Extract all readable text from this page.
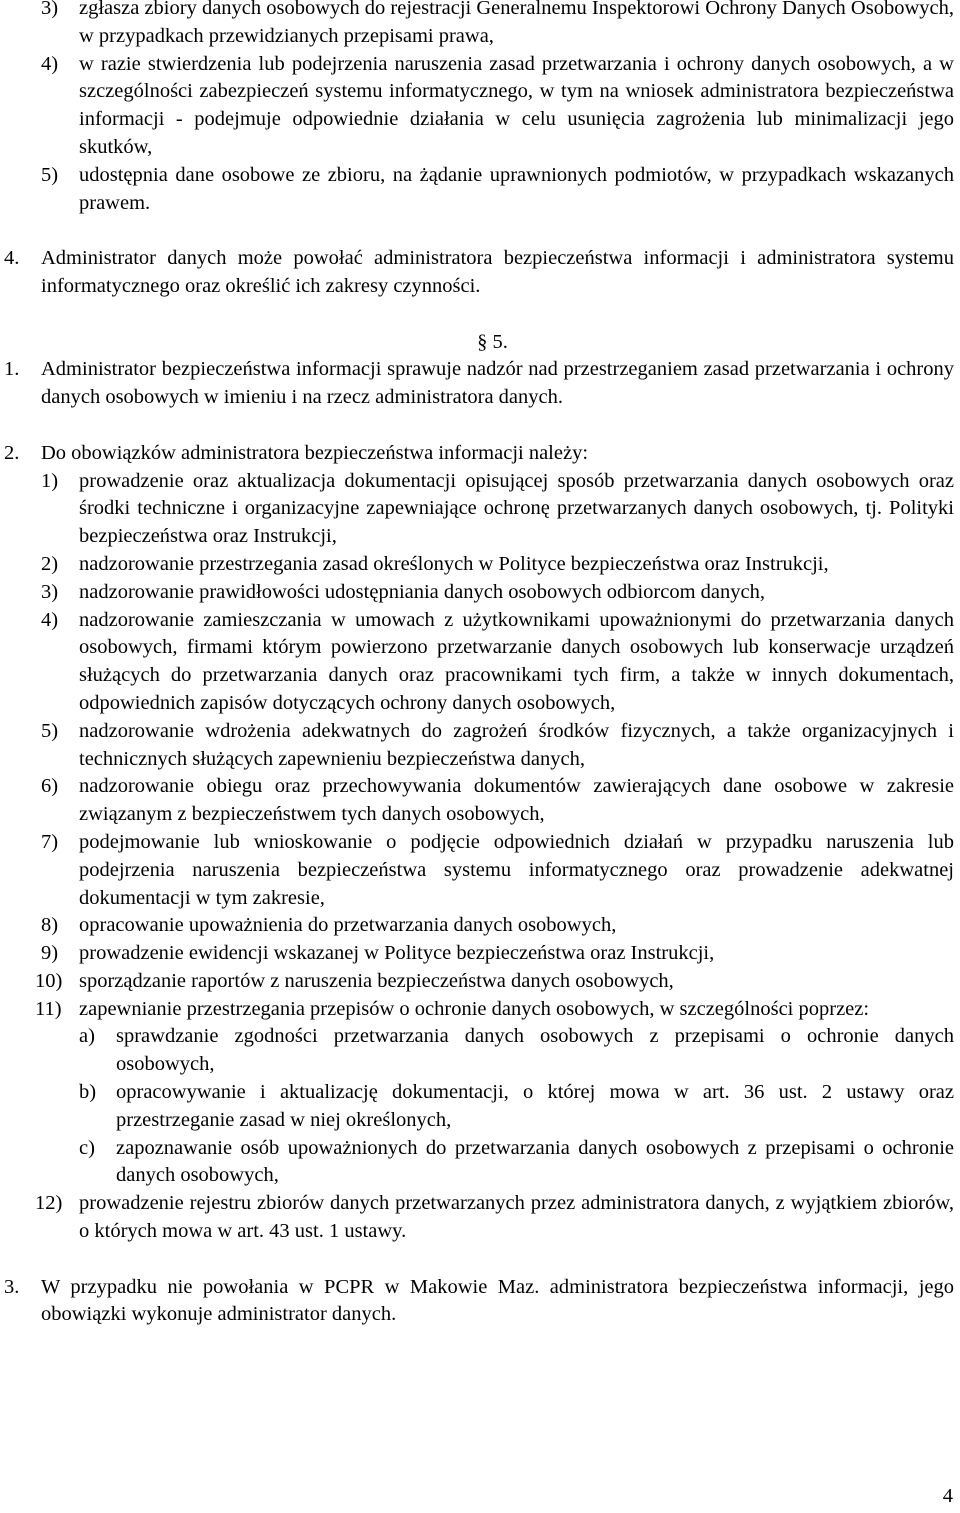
3) zgłasza zbiory danych osobowych do rejestracji Generalnemu Inspektorowi Ochrony Danych Osobowych, w przypadkach przewidzianych przepisami prawa,
4) w razie stwierdzenia lub podejrzenia naruszenia zasad przetwarzania i ochrony danych osobowych, a w szczególności zabezpieczeń systemu informatycznego, w tym na wniosek administratora bezpieczeństwa informacji - podejmuje odpowiednie działania w celu usunięcia zagrożenia lub minimalizacji jego skutków,
5) udostępnia dane osobowe ze zbioru, na żądanie uprawnionych podmiotów, w przypadkach wskazanych prawem.
4. Administrator danych może powołać administratora bezpieczeństwa informacji i administratora systemu informatycznego oraz określić ich zakresy czynności.
§ 5.
1. Administrator bezpieczeństwa informacji sprawuje nadzór nad przestrzeganiem zasad przetwarzania i ochrony danych osobowych w imieniu i na rzecz administratora danych.
2. Do obowiązków administratora bezpieczeństwa informacji należy:
1) prowadzenie oraz aktualizacja dokumentacji opisującej sposób przetwarzania danych osobowych oraz środki techniczne i organizacyjne zapewniające ochronę przetwarzanych danych osobowych, tj. Polityki bezpieczeństwa oraz Instrukcji,
2) nadzorowanie przestrzegania zasad określonych w Polityce bezpieczeństwa oraz Instrukcji,
3) nadzorowanie prawidłowości udostępniania danych osobowych odbiorcom danych,
4) nadzorowanie zamieszczania w umowach z użytkownikami upoważnionymi do przetwarzania danych osobowych, firmami którym powierzono przetwarzanie danych osobowych lub konserwacje urządzeń służących do przetwarzania danych oraz pracownikami tych firm, a także w innych dokumentach, odpowiednich zapisów dotyczących ochrony danych osobowych,
5) nadzorowanie wdrożenia adekwatnych do zagrożeń środków fizycznych, a także organizacyjnych i technicznych służących zapewnieniu bezpieczeństwa danych,
6) nadzorowanie obiegu oraz przechowywania dokumentów zawierających dane osobowe w zakresie związanym z bezpieczeństwem tych danych osobowych,
7) podejmowanie lub wnioskowanie o podjęcie odpowiednich działań w przypadku naruszenia lub podejrzenia naruszenia bezpieczeństwa systemu informatycznego oraz prowadzenie adekwatnej dokumentacji w tym zakresie,
8) opracowanie upoważnienia do przetwarzania danych osobowych,
9) prowadzenie ewidencji wskazanej w Polityce bezpieczeństwa oraz Instrukcji,
10) sporządzanie raportów z naruszenia bezpieczeństwa danych osobowych,
11) zapewnianie przestrzegania przepisów o ochronie danych osobowych, w szczególności poprzez:
a) sprawdzanie zgodności przetwarzania danych osobowych z przepisami o ochronie danych osobowych,
b) opracowywanie i aktualizację dokumentacji, o której mowa w art. 36 ust. 2 ustawy oraz przestrzeganie zasad w niej określonych,
c) zapoznawanie osób upoważnionych do przetwarzania danych osobowych z przepisami o ochronie danych osobowych,
12) prowadzenie rejestru zbiorów danych przetwarzanych przez administratora danych, z wyjątkiem zbiorów, o których mowa w art. 43 ust. 1 ustawy.
3. W przypadku nie powołania w PCPR w Makowie Maz. administratora bezpieczeństwa informacji, jego obowiązki wykonuje administrator danych.
4
